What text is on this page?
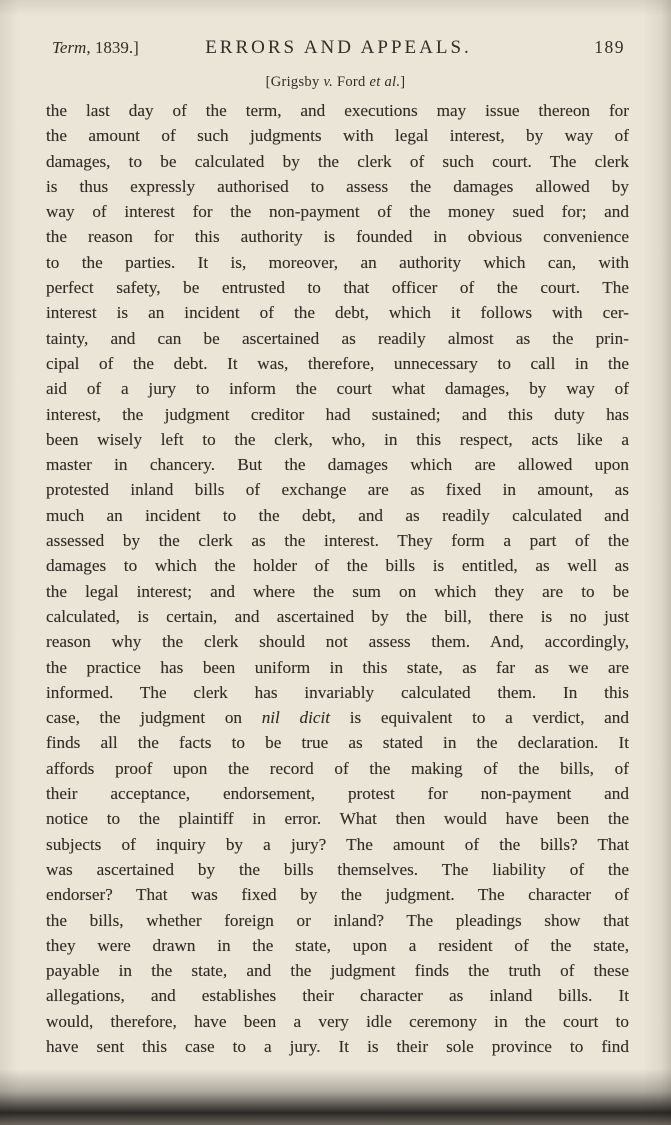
Term, 1839.]	ERRORS AND APPEALS.	189
[Grigsby v. Ford et al.]
the last day of the term, and executions may issue thereon for
the amount of such judgments with legal interest, by way of
damages, to be calculated by the clerk of such court. The clerk
is thus expressly authorised to assess the damages allowed by
way of interest for the non-payment of the money sued for; and
the reason for this authority is founded in obvious convenience
to the parties. It is, moreover, an authority which can, with
perfect safety, be entrusted to that officer of the court. The
interest is an incident of the debt, which it follows with cer-
tainty, and can be ascertained as readily almost as the prin-
cipal of the debt. It was, therefore, unnecessary to call in the
aid of a jury to inform the court what damages, by way of
interest, the judgment creditor had sustained; and this duty has
been wisely left to the clerk, who, in this respect, acts like a
master in chancery. But the damages which are allowed upon
protested inland bills of exchange are as fixed in amount, as
much an incident to the debt, and as readily calculated and
assessed by the clerk as the interest. They form a part of the
damages to which the holder of the bills is entitled, as well as
the legal interest; and where the sum on which they are to be
calculated, is certain, and ascertained by the bill, there is no just
reason why the clerk should not assess them. And, accordingly,
the practice has been uniform in this state, as far as we are
informed. The clerk has invariably calculated them. In this
case, the judgment on nil dicit is equivalent to a verdict, and
finds all the facts to be true as stated in the declaration. It
affords proof upon the record of the making of the bills, of
their acceptance, endorsement, protest for non-payment and
notice to the plaintiff in error. What then would have been the
subjects of inquiry by a jury? The amount of the bills? That
was ascertained by the bills themselves. The liability of the
endorser? That was fixed by the judgment. The character of
the bills, whether foreign or inland? The pleadings show that
they were drawn in the state, upon a resident of the state,
payable in the state, and the judgment finds the truth of these
allegations, and establishes their character as inland bills. It
would, therefore, have been a very idle ceremony in the court to
have sent this case to a jury. It is their sole province to find
